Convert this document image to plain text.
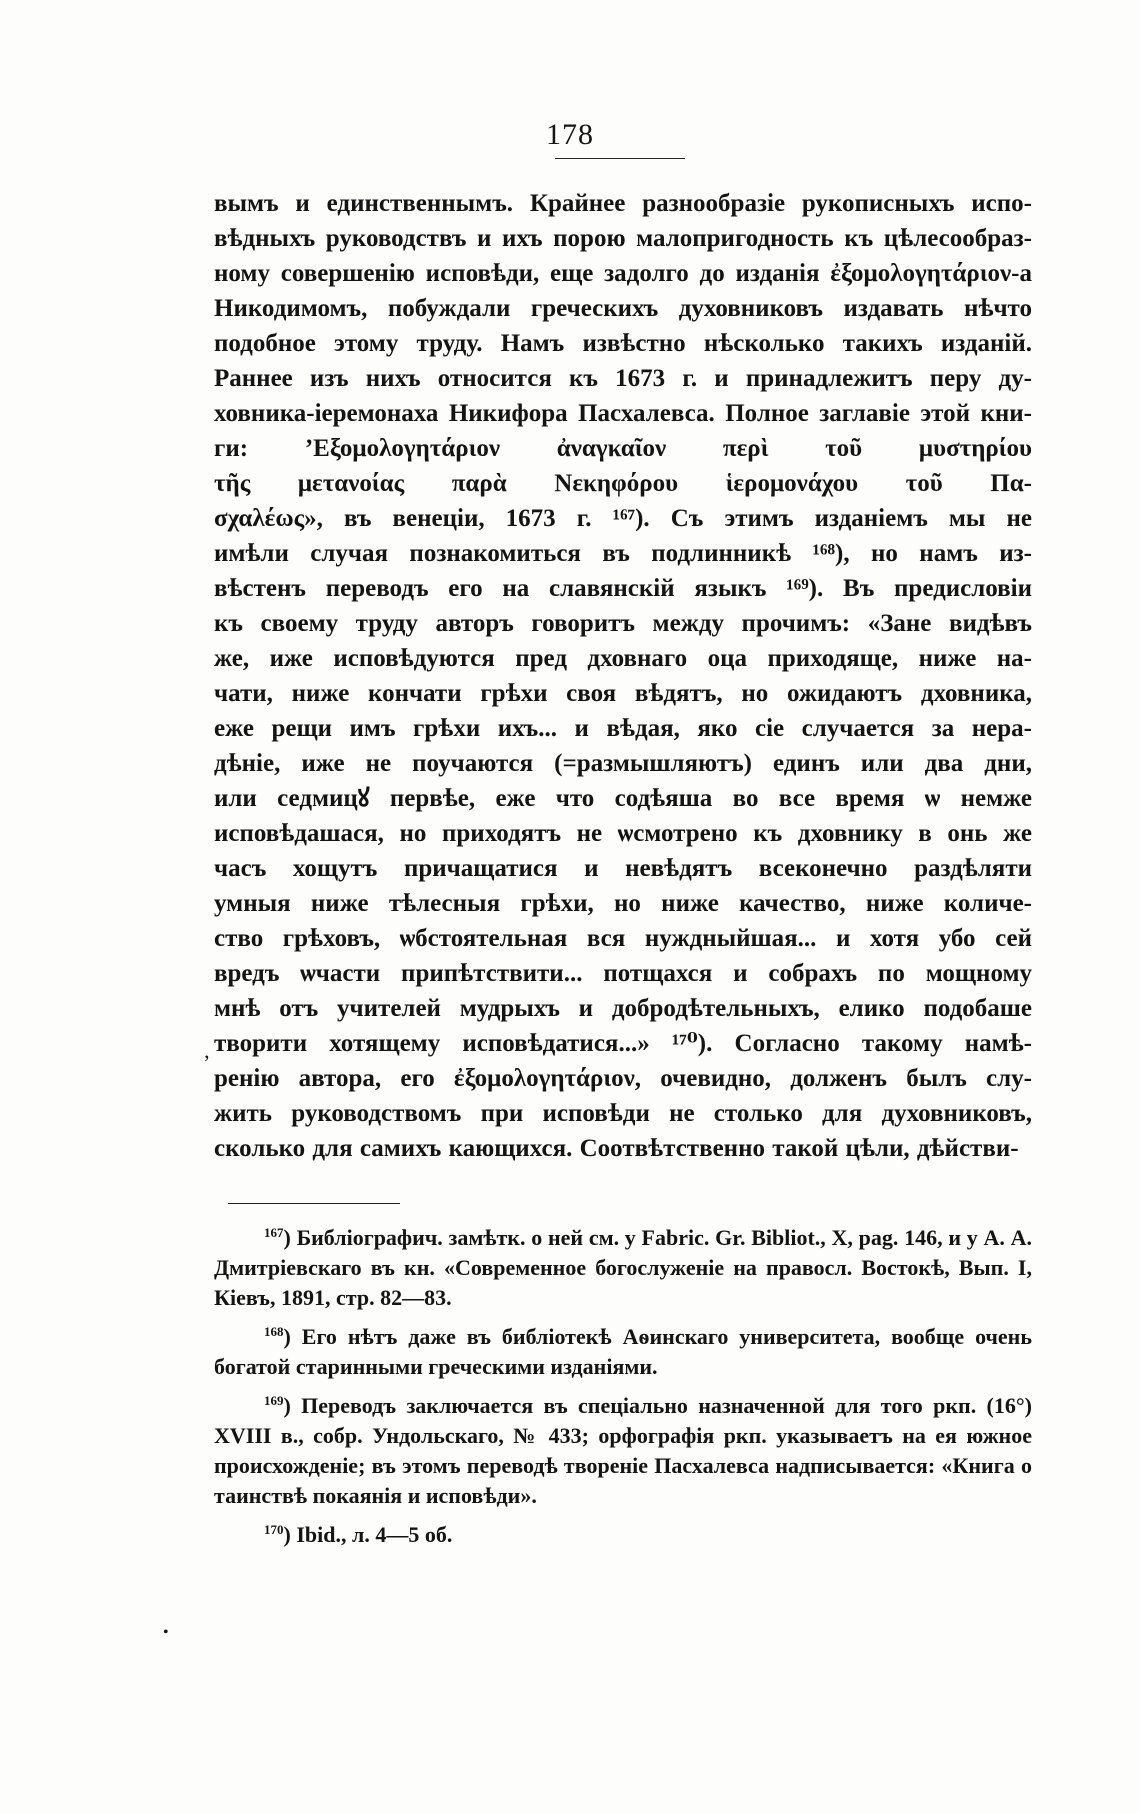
178

вымъ и единственнымъ. Крайнее разнообразіе рукописныхъ испо-

вѣдныхъ руководствъ и ихъ порою малопригодность къ цѣлесообраз-

ному совершенію исповѣди, еще задолго до изданія ἐξομολογητάριον-а

Никодимомъ, побуждали греческихъ духовниковъ издавать нѣчто

подобное этому труду. Намъ извѣстно нѣсколько такихъ изданій.

Раннее изъ нихъ относится къ 1673 г. и принадлежитъ перу ду-

ховника-іеремонаха Никифора Пасхалевса. Полное заглавіе этой кни-

ги: ’Εξομολογητάριον ἀναγκαῖον περὶ τοῦ μυστηρίου

τῆς μετανοίας παρὰ Νεκηφόρου ἱερομονάχου τοῦ Πα-

σχαλέως», въ венеціи, 1673 г. ¹⁶⁷). Съ этимъ изданіемъ мы не

имѣли случая познакомиться въ подлинникѣ ¹⁶⁸), но намъ из-

вѣстенъ переводъ его на славянскій языкъ ¹⁶⁹). Въ предисловіи

къ своему труду авторъ говоритъ между прочимъ: «Зане видѣвъ

же, иже исповѣдуются пред дховнаго оца приходяще, ниже на-

чати, ниже кончати грѣхи своя вѣдятъ, но ожидаютъ дховника,

еже рещи имъ грѣхи ихъ... и вѣдая, яко сіе случается за нера-

дѣніе, иже не поучаются (=размышляютъ) единъ или два дни,

или седмицꙋ первѣе, еже что содѣяша во все время ѡ немже

исповѣдашася, но приходятъ не ѡсмотрено къ дховнику в онь же

часъ хощутъ причащатися и невѣдятъ всеконечно раздѣляти

умныя ниже тѣлесныя грѣхи, но ниже качество, ниже количе-

ство грѣховъ, ѡбстоятельная вся нуждныйшая... и хотя убо сей

вредъ ѡчасти припѣтствити... потщахся и собрахъ по мощному

мнѣ отъ учителей мудрыхъ и добродѣтельныхъ, елико подобаше

творити хотящему исповѣдатися...» ¹⁷⁰). Согласно такому намѣ-

ренію автора, его ἐξομολογητάριον, очевидно, долженъ былъ слу-

жить руководствомъ при исповѣди не столько для духовниковъ,

сколько для самихъ кающихся. Соотвѣтственно такой цѣли, дѣйстви-

’

$^{167}$) Библіографич. замѣтк. о ней см. у Fabric. Gr. Bibliot., X, pag. 146, и у А. А. Дмитріевскаго въ кн. «Современное богослуженіе на правосл. Востокѣ, Вып. I, Кіевъ, 1891, стр. 82—83.

$^{168}$) Его нѣтъ даже въ библіотекѣ Аѳинскаго университета, вообще очень богатой старинными греческими изданіями.

$^{169}$) Переводъ заключается въ спеціально назначенной для того ркп. (16°) XVIII в., собр. Ундольскаго, № 433; орфографія ркп. указываетъ на ея южное происхожденіе; въ этомъ переводѣ твореніе Пасхалевса надписывается: «Книга о таинствѣ покаянія и исповѣди».

$^{170}$) Ibid., л. 4—5 об.

•
